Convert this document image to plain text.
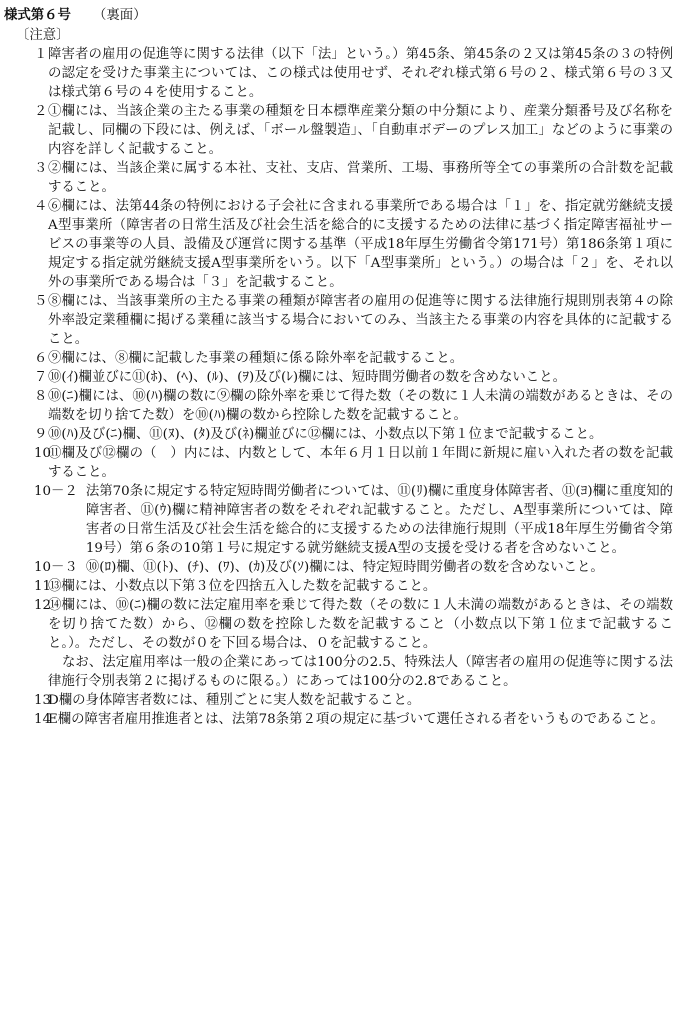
様式第６号 （裏面）
〔注意〕
１ 障害者の雇用の促進等に関する法律（以下「法」という。）第45条、第45条の２又は第45条の３の特例の認定を受けた事業主については、この様式は使用せず、それぞれ様式第６号の２、様式第６号の３又は様式第６号の４を使用すること。
２ ①欄には、当該企業の主たる事業の種類を日本標準産業分類の中分類により、産業分類番号及び名称を記載し、同欄の下段には、例えば、「ボール盤製造」、「自動車ボデーのプレス加工」などのように事業の内容を詳しく記載すること。
３ ②欄には、当該企業に属する本社、支社、支店、営業所、工場、事務所等全ての事業所の合計数を記載すること。
４ ⑥欄には、法第44条の特例における子会社に含まれる事業所である場合は「１」を、指定就労継続支援A型事業所（障害者の日常生活及び社会生活を総合的に支援するための法律に基づく指定障害福祉サービスの事業等の人員、設備及び運営に関する基準（平成18年厚生労働省令第171号）第186条第１項に規定する指定就労継続支援A型事業所をいう。以下「A型事業所」という。）の場合は「２」を、それ以外の事業所である場合は「３」を記載すること。
５ ⑧欄には、当該事業所の主たる事業の種類が障害者の雇用の促進等に関する法律施行規則別表第４の除外率設定業種欄に掲げる業種に該当する場合においてのみ、当該主たる事業の内容を具体的に記載すること。
６ ⑨欄には、⑧欄に記載した事業の種類に係る除外率を記載すること。
７ ⑩(ｲ)欄並びに⑪(ﾎ)、(ﾍ)、(ﾙ)、(ｦ)及び(ﾚ)欄には、短時間労働者の数を含めないこと。
８ ⑩(ﾆ)欄には、⑩(ﾊ)欄の数に⑨欄の除外率を乗じて得た数（その数に１人未満の端数があるときは、その端数を切り捨てた数）を⑩(ﾊ)欄の数から控除した数を記載すること。
９ ⑩(ﾊ)及び(ﾆ)欄、⑪(ﾇ)、(ﾀ)及び(ﾈ)欄並びに⑫欄には、小数点以下第１位まで記載すること。
10
⑪欄及び⑫欄の（　）内には、内数として、本年６月１日以前１年間に新規に雇い入れた者の数を記載すること。
10－２ 法第70条に規定する特定短時間労働者については、⑪(ﾘ)欄に重度身体障害者、⑪(ﾖ)欄に重度知的障害者、⑪(ｳ)欄に精神障害者の数をそれぞれ記載すること。ただし、A型事業所については、障害者の日常生活及び社会生活を総合的に支援するための法律施行規則（平成18年厚生労働省令第19号）第６条の10第１号に規定する就労継続支援A型の支援を受ける者を含めないこと。
10－３ ⑩(ﾛ)欄、⑪(ﾄ)、(ﾁ)、(ﾜ)、(ｶ)及び(ｿ)欄には、特定短時間労働者の数を含めないこと。
11
⑬欄には、小数点以下第３位を四捨五入した数を記載すること。
12
⑭欄には、⑩(ﾆ)欄の数に法定雇用率を乗じて得た数（その数に１人未満の端数があるときは、その端数を切り捨てた数）から、⑫欄の数を控除した数を記載すること（小数点以下第１位まで記載すること。）。ただし、その数が０を下回る場合は、０を記載すること。
なお、法定雇用率は一般の企業にあっては100分の2.5、特殊法人（障害者の雇用の促進等に関する法律施行令別表第２に掲げるものに限る。）にあっては100分の2.8であること。
13
D欄の身体障害者数には、種別ごとに実人数を記載すること。
14
E欄の障害者雇用推進者とは、法第78条第２項の規定に基づいて選任される者をいうものであること。
